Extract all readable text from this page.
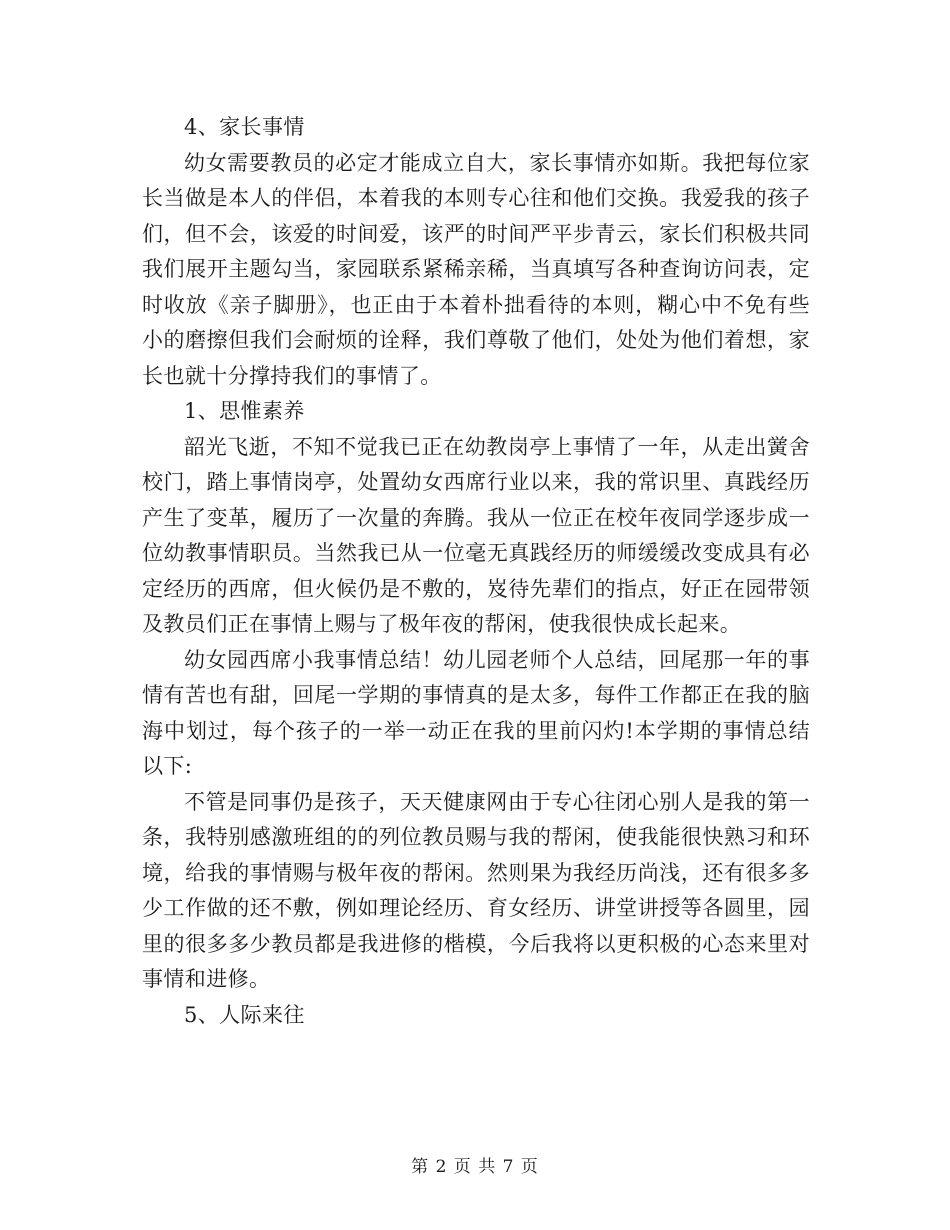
4、家长事情

幼女需要教员的必定才能成立自大，家长事情亦如斯。我把每位家长当做是本人的伴侣，本着我的本则专心往和他们交换。我爱我的孩子们，但不会，该爱的时间爱，该严的时间严平步青云，家长们积极共同我们展开主题勾当，家园联系紧稀亲稀，当真填写各种查询访问表，定时收放《亲子脚册》，也正由于本着朴拙看待的本则，糊心中不免有些小的磨擦但我们会耐烦的诠释，我们尊敬了他们，处处为他们着想，家长也就十分撑持我们的事情了。

1、思惟素养

韶光飞逝，不知不觉我已正在幼教岗亭上事情了一年，从走出黉舍校门，踏上事情岗亭，处置幼女西席行业以来，我的常识里、真践经历产生了变革，履历了一次量的奔腾。我从一位正在校年夜同学逐步成一位幼教事情职员。当然我已从一位毫无真践经历的师缓缓改变成具有必定经历的西席，但火候仍是不敷的，岌待先辈们的指点，好正在园带领及教员们正在事情上赐与了极年夜的帮闲，使我很快成长起来。

幼女园西席小我事情总结！幼儿园老师个人总结，回尾那一年的事情有苦也有甜，回尾一学期的事情真的是太多，每件工作都正在我的脑海中划过，每个孩子的一举一动正在我的里前闪灼!本学期的事情总结以下:

不管是同事仍是孩子，天天健康网由于专心往闭心别人是我的第一条，我特别感激班组的的列位教员赐与我的帮闲，使我能很快熟习和环境，给我的事情赐与极年夜的帮闲。然则果为我经历尚浅，还有很多多少工作做的还不敷，例如理论经历、育女经历、讲堂讲授等各圆里，园里的很多多少教员都是我进修的楷模，今后我将以更积极的心态来里对事情和进修。

5、人际来往

第 2 页 共 7 页
